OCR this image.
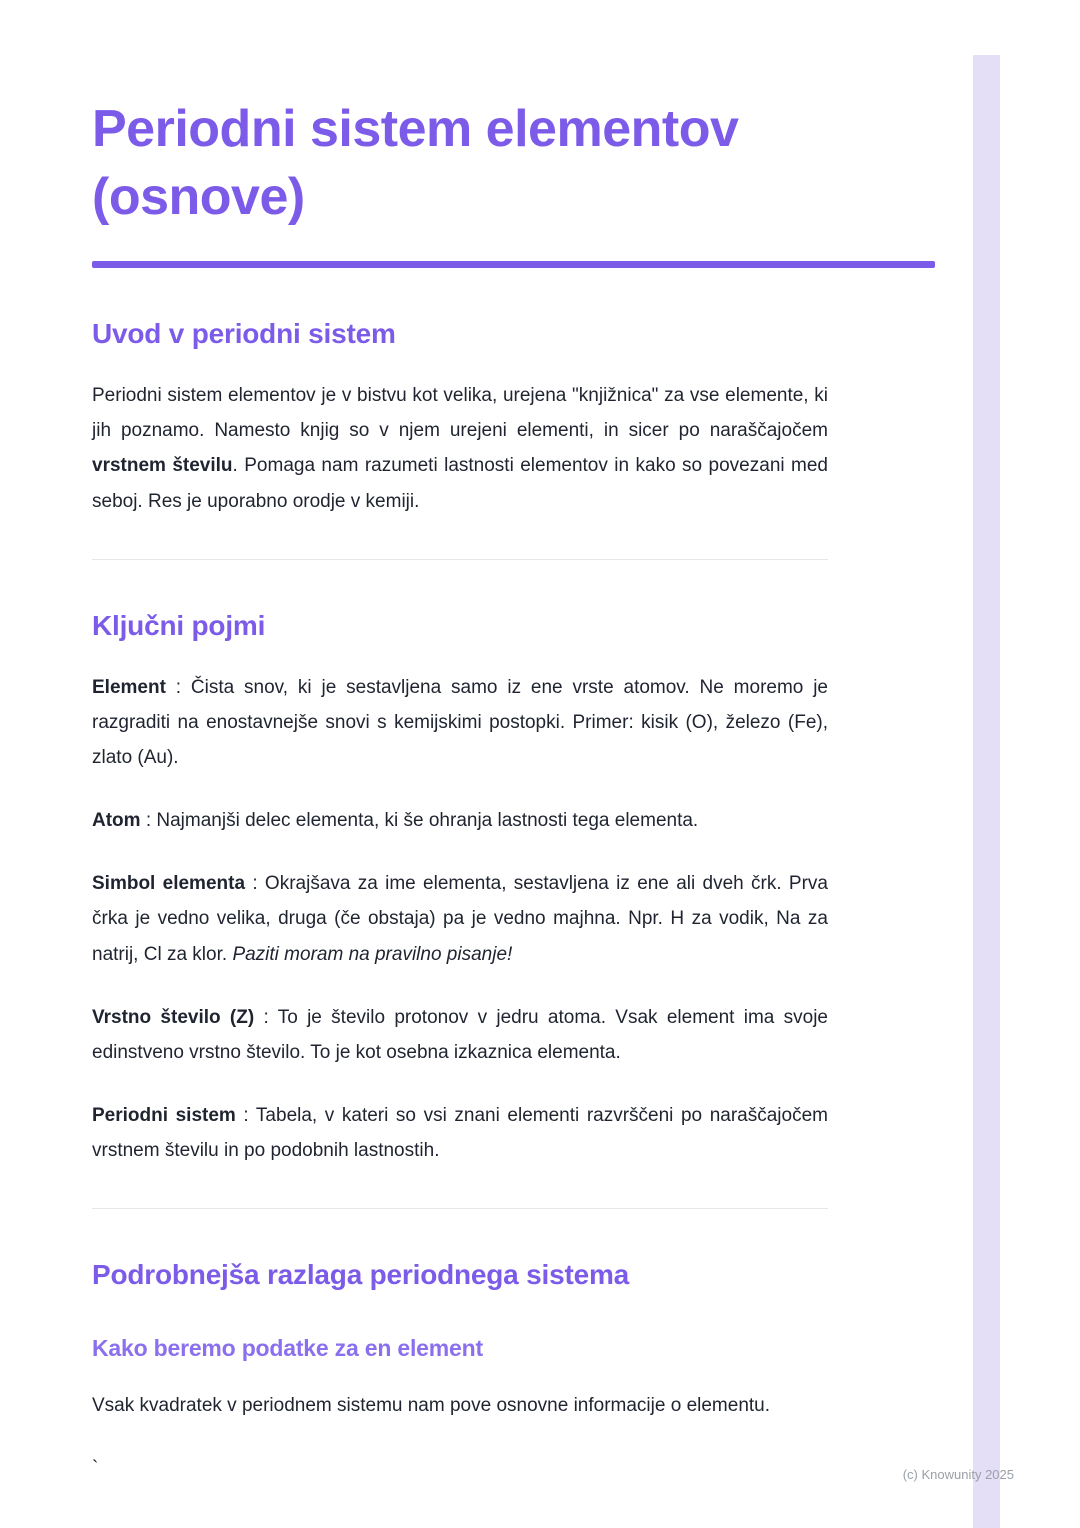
Periodni sistem elementov (osnove)
Uvod v periodni sistem

Periodni sistem elementov je v bistvu kot velika, urejena "knjižnica" za vse elemente, ki jih poznamo. Namesto knjig so v njem urejeni elementi, in sicer po naraščajočem vrstnem številu. Pomaga nam razumeti lastnosti elementov in kako so povezani med seboj. Res je uporabno orodje v kemiji.

Ključni pojmi

Element : Čista snov, ki je sestavljena samo iz ene vrste atomov. Ne moremo je razgraditi na enostavnejše snovi s kemijskimi postopki. Primer: kisik (O), železo (Fe), zlato (Au).

Atom : Najmanjši delec elementa, ki še ohranja lastnosti tega elementa.

Simbol elementa : Okrajšava za ime elementa, sestavljena iz ene ali dveh črk. Prva črka je vedno velika, druga (če obstaja) pa je vedno majhna. Npr. H za vodik, Na za natrij, Cl za klor. Paziti moram na pravilno pisanje!

Vrstno število (Z) : To je število protonov v jedru atoma. Vsak element ima svoje edinstveno vrstno število. To je kot osebna izkaznica elementa.

Periodni sistem : Tabela, v kateri so vsi znani elementi razvrščeni po naraščajočem vrstnem številu in po podobnih lastnostih.

Podrobnejša razlaga periodnega sistema
Kako beremo podatke za en element

Vsak kvadratek v periodnem sistemu nam pove osnovne informacije o elementu.

`	(c) Knowunity 2025
